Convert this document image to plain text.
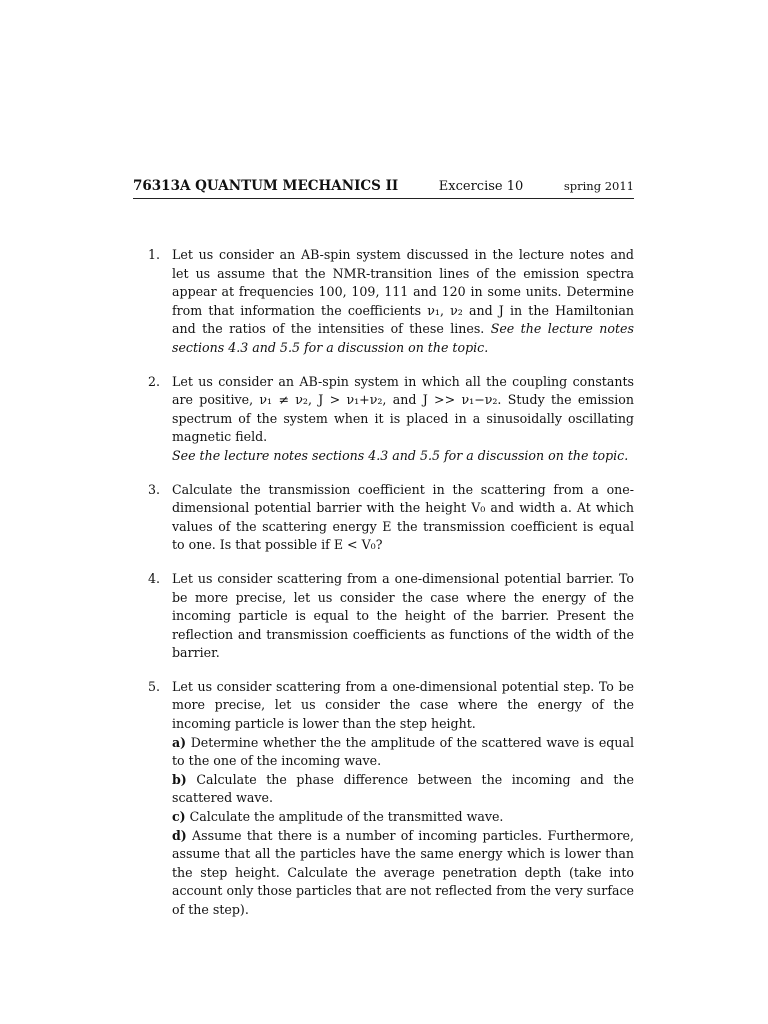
76313A QUANTUM MECHANICS II	Excercise 10	spring 2011
1. Let us consider an AB-spin system discussed in the lecture notes and let us assume that the NMR-transition lines of the emission spectra appear at frequencies 100, 109, 111 and 120 in some units. Determine from that information the coefficients ν₁, ν₂ and J in the Hamiltonian and the ratios of the intensities of these lines. See the lecture notes sections 4.3 and 5.5 for a discussion on the topic.
2. Let us consider an AB-spin system in which all the coupling constants are positive, ν₁ ≠ ν₂, J > ν₁+ν₂, and J >> ν₁−ν₂. Study the emission spectrum of the system when it is placed in a sinusoidally oscillating magnetic field.

See the lecture notes sections 4.3 and 5.5 for a discussion on the topic.

3. Calculate the transmission coefficient in the scattering from a one-dimensional potential barrier with the height V₀ and width a. At which values of the scattering energy E the transmission coefficient is equal to one. Is that possible if E < V₀?

4. Let us consider scattering from a one-dimensional potential barrier. To be more precise, let us consider the case where the energy of the incoming particle is equal to the height of the barrier. Present the reflection and transmission coefficients as functions of the width of the barrier.

5. Let us consider scattering from a one-dimensional potential step. To be more precise, let us consider the case where the energy of the incoming particle is lower than the step height.

a) Determine whether the the amplitude of the scattered wave is equal to the one of the incoming wave.

b) Calculate the phase difference between the incoming and the scattered wave.

c) Calculate the amplitude of the transmitted wave.

d) Assume that there is a number of incoming particles. Furthermore, assume that all the particles have the same energy which is lower than the step height. Calculate the average penetration depth (take into account only those particles that are not reflected from the very surface of the step).
